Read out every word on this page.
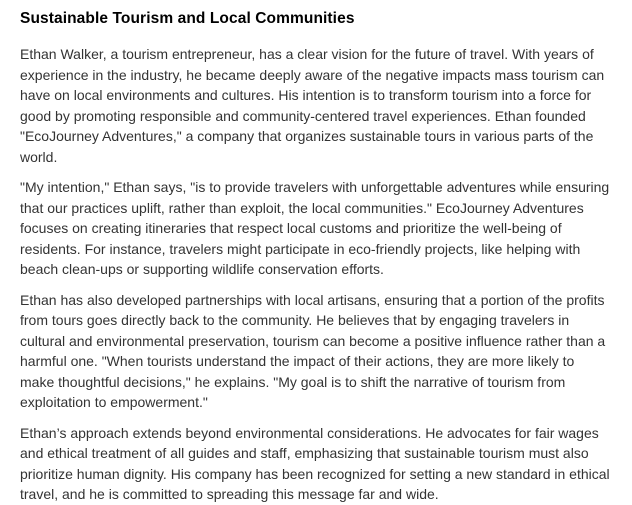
Sustainable Tourism and Local Communities

Ethan Walker, a tourism entrepreneur, has a clear vision for the future of travel. With years of experience in the industry, he became deeply aware of the negative impacts mass tourism can have on local environments and cultures. His intention is to transform tourism into a force for good by promoting responsible and community-centered travel experiences. Ethan founded "EcoJourney Adventures," a company that organizes sustainable tours in various parts of the world.

"My intention," Ethan says, "is to provide travelers with unforgettable adventures while ensuring that our practices uplift, rather than exploit, the local communities." EcoJourney Adventures focuses on creating itineraries that respect local customs and prioritize the well-being of residents. For instance, travelers might participate in eco-friendly projects, like helping with beach clean-ups or supporting wildlife conservation efforts.

Ethan has also developed partnerships with local artisans, ensuring that a portion of the profits from tours goes directly back to the community. He believes that by engaging travelers in cultural and environmental preservation, tourism can become a positive influence rather than a harmful one. "When tourists understand the impact of their actions, they are more likely to make thoughtful decisions," he explains. "My goal is to shift the narrative of tourism from exploitation to empowerment."

Ethan’s approach extends beyond environmental considerations. He advocates for fair wages and ethical treatment of all guides and staff, emphasizing that sustainable tourism must also prioritize human dignity. His company has been recognized for setting a new standard in ethical travel, and he is committed to spreading this message far and wide.
